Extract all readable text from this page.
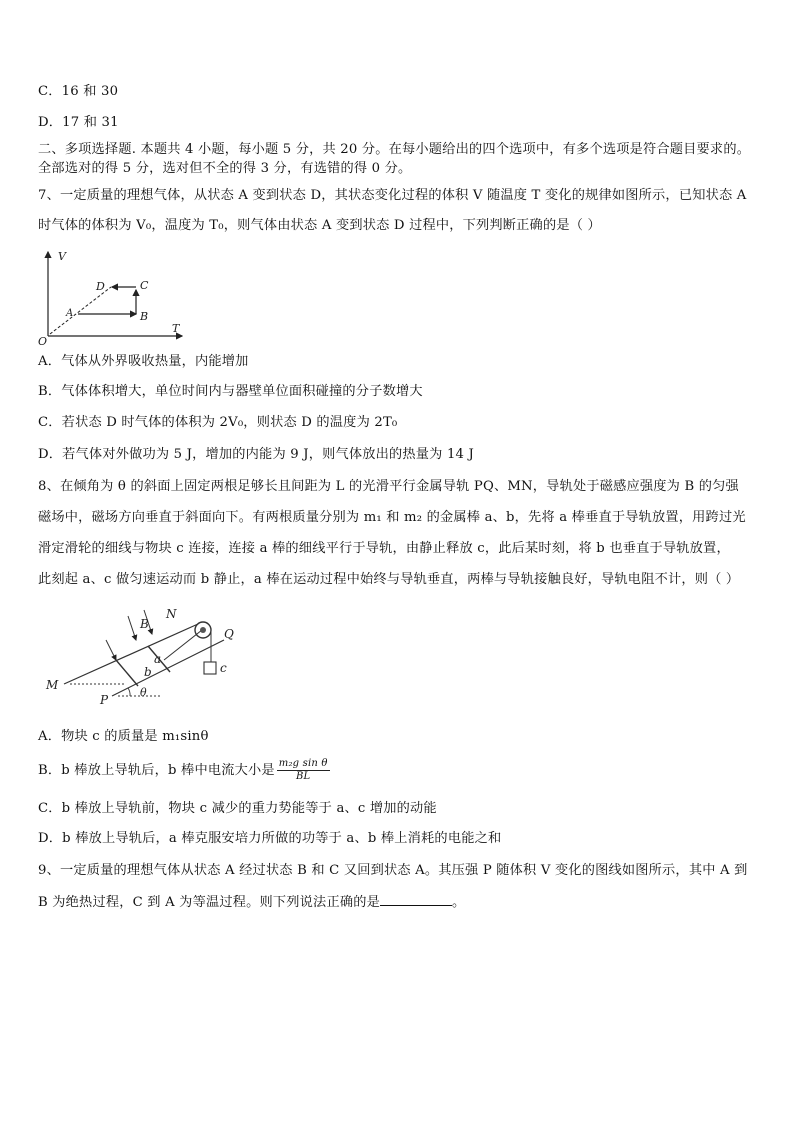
C．16 和 30
D．17 和 31
二、多项选择题. 本题共 4 小题，每小题 5 分，共 20 分。在每小题给出的四个选项中，有多个选项是符合题目要求的。
全部选对的得 5 分，选对但不全的得 3 分，有选错的得 0 分。
7、一定质量的理想气体，从状态 A 变到状态 D，其状态变化过程的体积 V 随温度 T 变化的规律如图所示，已知状态 A
时气体的体积为 V₀，温度为 T₀，则气体由状态 A 变到状态 D 过程中，下列判断正确的是（ ）
V
T
O
A	B
C
D
A．气体从外界吸收热量，内能增加
B．气体体积增大，单位时间内与器壁单位面积碰撞的分子数增大
C．若状态 D 时气体的体积为 2V₀，则状态 D 的温度为 2T₀
D．若气体对外做功为 5 J，增加的内能为 9 J，则气体放出的热量为 14 J
8、在倾角为 θ 的斜面上固定两根足够长且间距为 L 的光滑平行金属导轨 PQ、MN，导轨处于磁感应强度为 B 的匀强
磁场中，磁场方向垂直于斜面向下。有两根质量分别为 m₁ 和 m₂ 的金属棒 a、b，先将 a 棒垂直于导轨放置，用跨过光
滑定滑轮的细线与物块 c 连接，连接 a 棒的细线平行于导轨，由静止释放 c，此后某时刻，将 b 也垂直于导轨放置，
此刻起 a、c 做匀速运动而 b 静止，a 棒在运动过程中始终与导轨垂直，两棒与导轨接触良好，导轨电阻不计，则（ ）
N
B
a
b
Q
c
M
P
θ
A．物块 c 的质量是 m₁sinθ
B．b 棒放上导轨后，b 棒中电流大小是 $\frac{\text{m₂g sin θ}}{BL}$
C．b 棒放上导轨前，物块 c 减少的重力势能等于 a、c 增加的动能
D．b 棒放上导轨后，a 棒克服安培力所做的功等于 a、b 棒上消耗的电能之和
9、一定质量的理想气体从状态 A 经过状态 B 和 C 又回到状态 A。其压强 P 随体积 V 变化的图线如图所示，其中 A 到
B 为绝热过程，C 到 A 为等温过程。则下列说法正确的是	。
